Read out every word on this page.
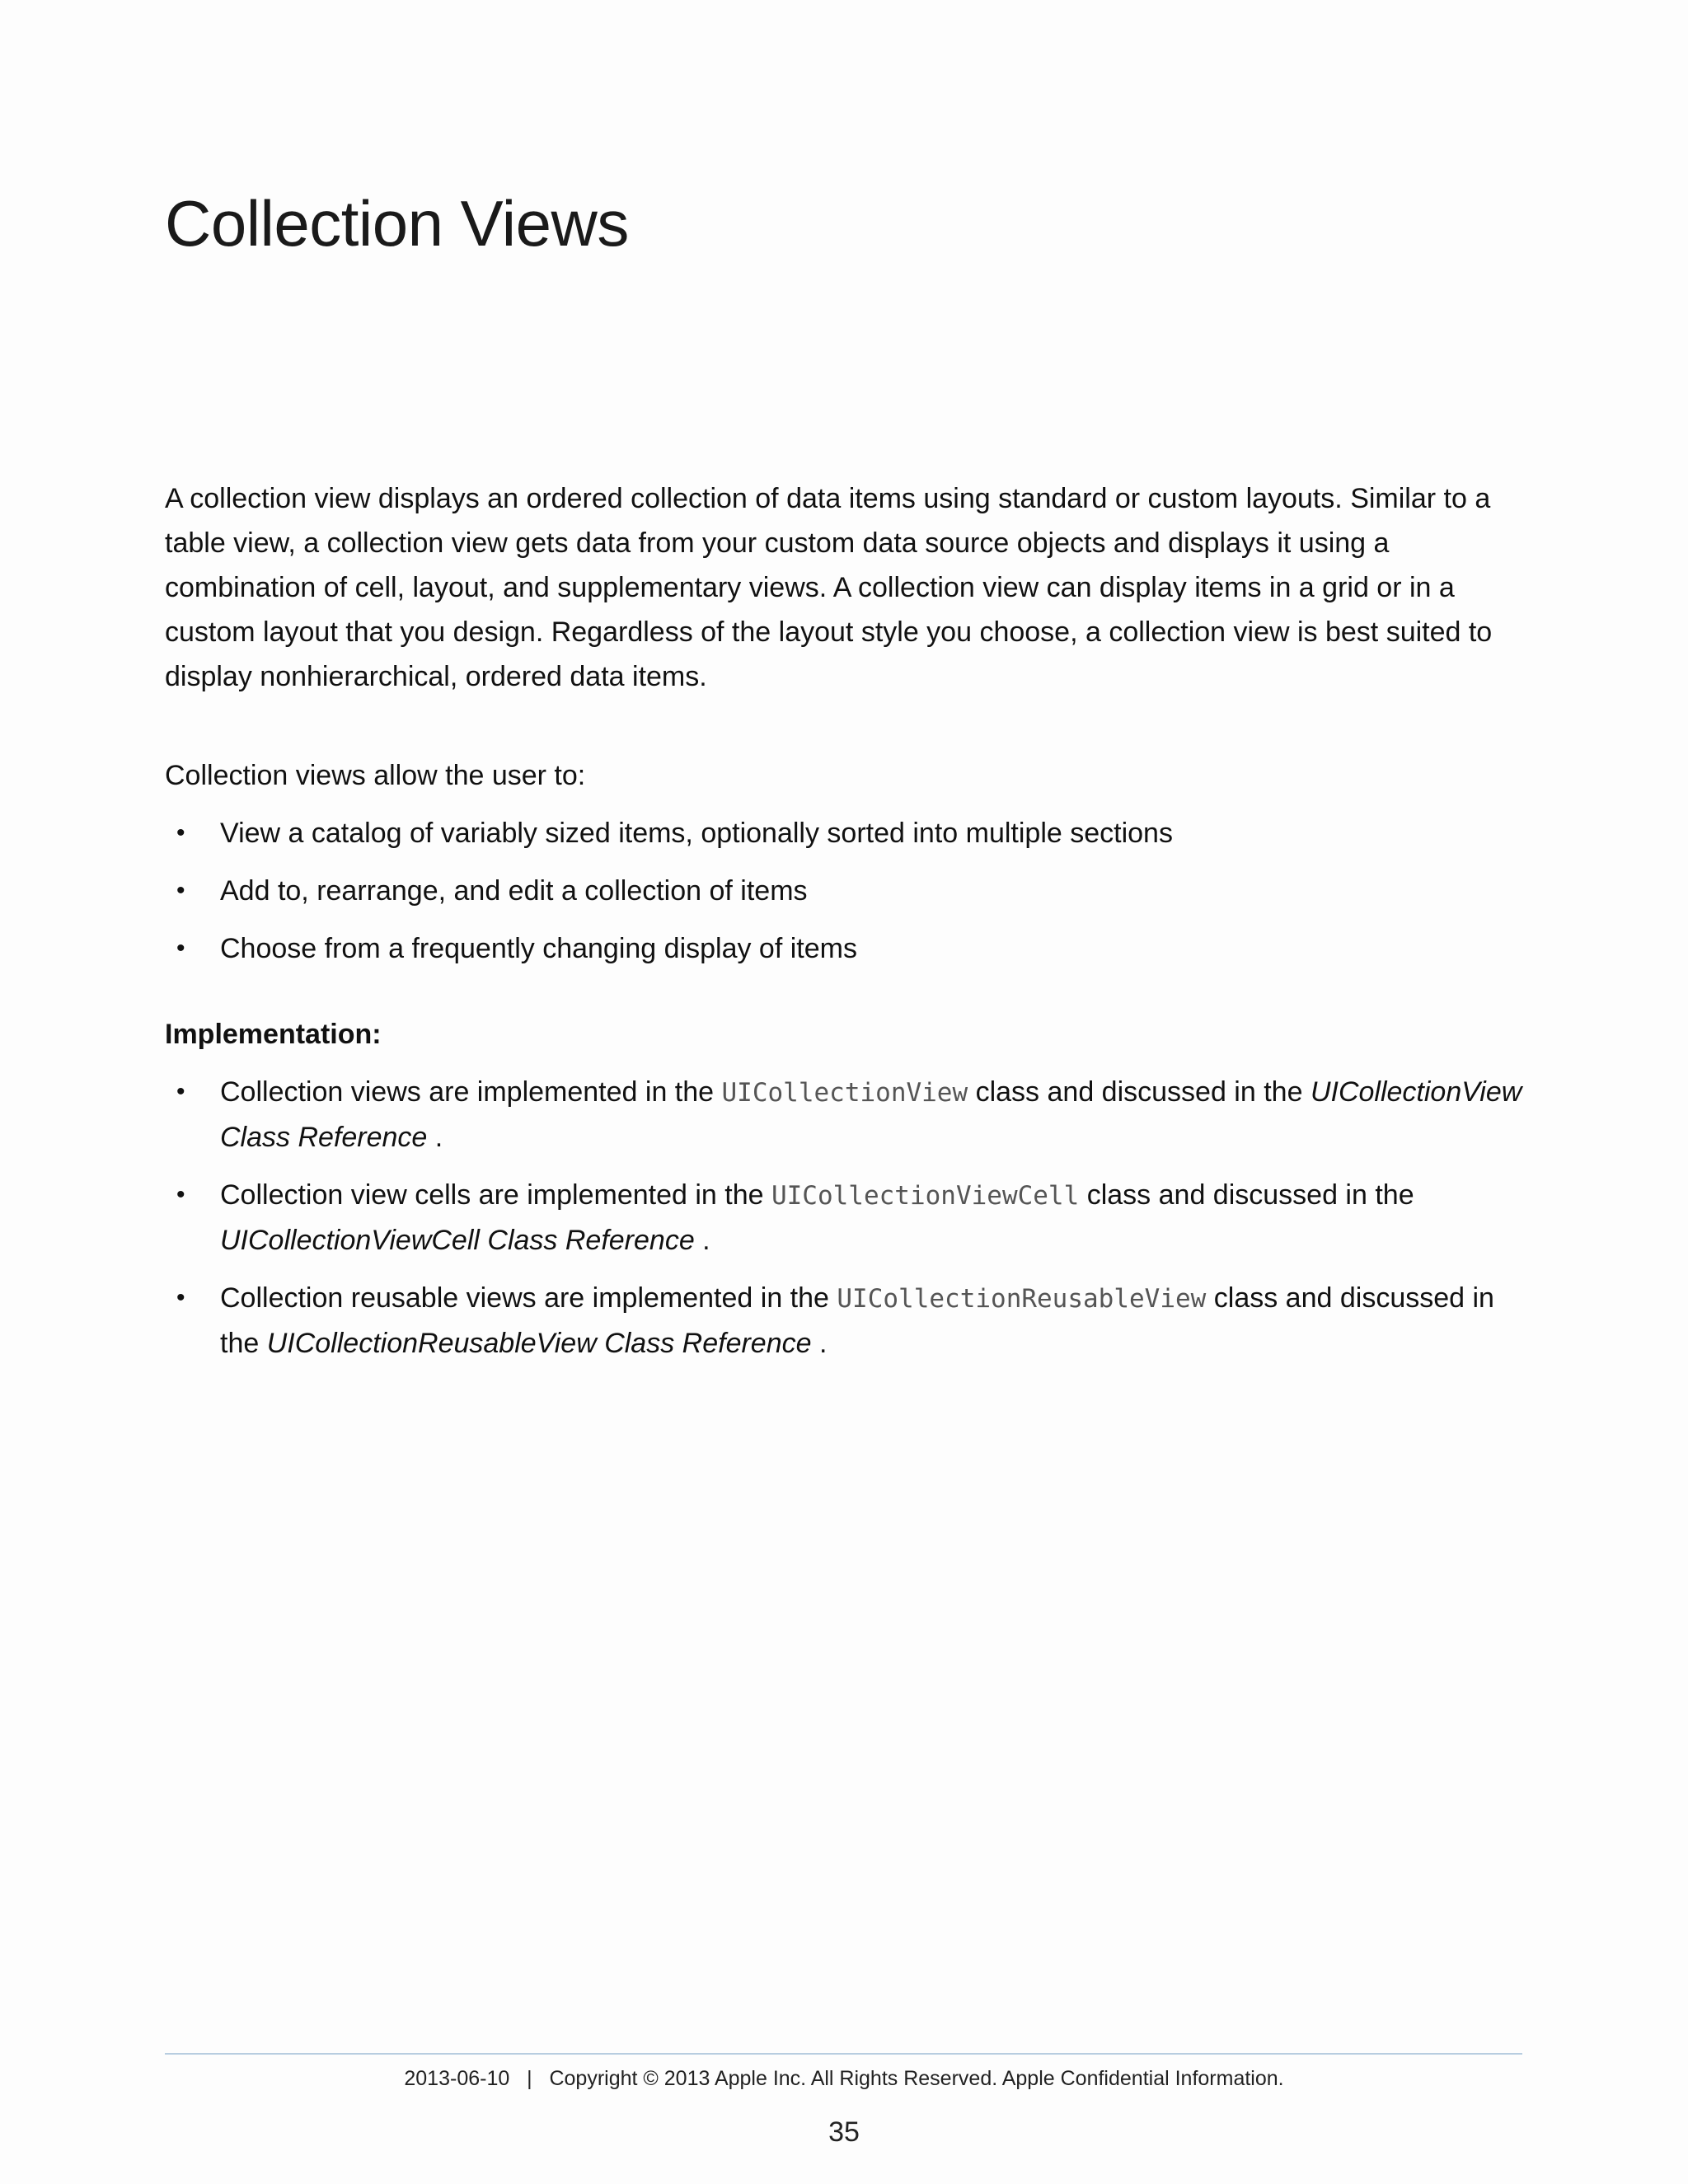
Collection Views

A collection view displays an ordered collection of data items using standard or custom layouts. Similar to a table view, a collection view gets data from your custom data source objects and displays it using a combination of cell, layout, and supplementary views. A collection view can display items in a grid or in a custom layout that you design. Regardless of the layout style you choose, a collection view is best suited to display nonhierarchical, ordered data items.

Collection views allow the user to:

• View a catalog of variably sized items, optionally sorted into multiple sections
• Add to, rearrange, and edit a collection of items
• Choose from a frequently changing display of items

Implementation:

• Collection views are implemented in the UICollectionView class and discussed in the UICollectionView Class Reference .
• Collection view cells are implemented in the UICollectionViewCell class and discussed in the UICollectionViewCell Class Reference .
• Collection reusable views are implemented in the UICollectionReusableView class and discussed in the UICollectionReusableView Class Reference .
2013-06-10 | Copyright © 2013 Apple Inc. All Rights Reserved. Apple Confidential Information.
35
